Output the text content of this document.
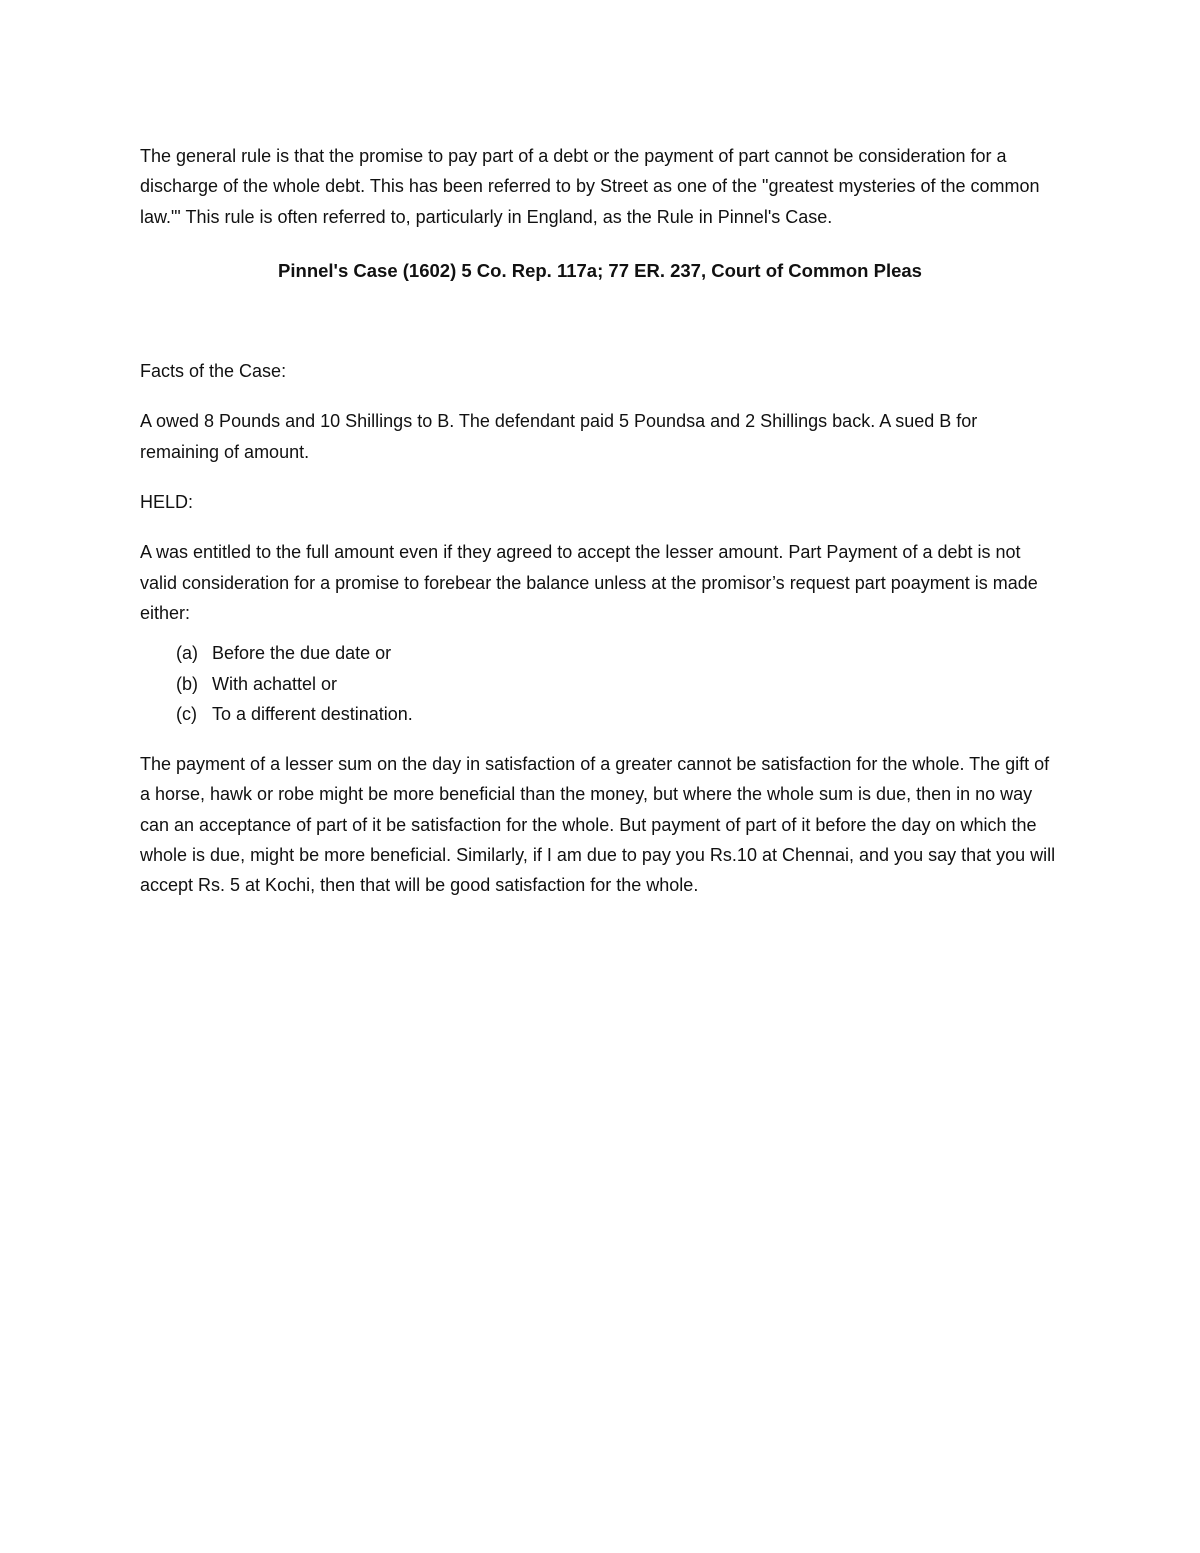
The general rule is that the promise to pay part of a debt or the payment of part cannot be consideration for a discharge of the whole debt. This has been referred to by Street as one of the "greatest mysteries of the common law."' This rule is often referred to, particularly in England, as the Rule in Pinnel's Case.

Pinnel's Case (1602) 5 Co. Rep. 117a; 77 ER. 237, Court of Common Pleas

Facts of the Case:

A owed 8 Pounds and 10 Shillings to B. The defendant paid 5 Poundsa and 2 Shillings back. A sued B for remaining of amount.

HELD:

A was entitled to the full amount even if they agreed to accept the lesser amount. Part Payment of a debt is not valid consideration for a promise to forebear the balance unless at the promisor’s request part poayment is made either:

(a) Before the due date or
(b) With achattel or
(c) To a different destination.

The payment of a lesser sum on the day in satisfaction of a greater cannot be satisfaction for the whole. The gift of a horse, hawk or robe might be more beneficial than the money, but where the whole sum is due, then in no way can an acceptance of part of it be satisfaction for the whole. But payment of part of it before the day on which the whole is due, might be more beneficial. Similarly, if I am due to pay you Rs.10 at Chennai, and you say that you will accept Rs. 5 at Kochi, then that will be good satisfaction for the whole.
